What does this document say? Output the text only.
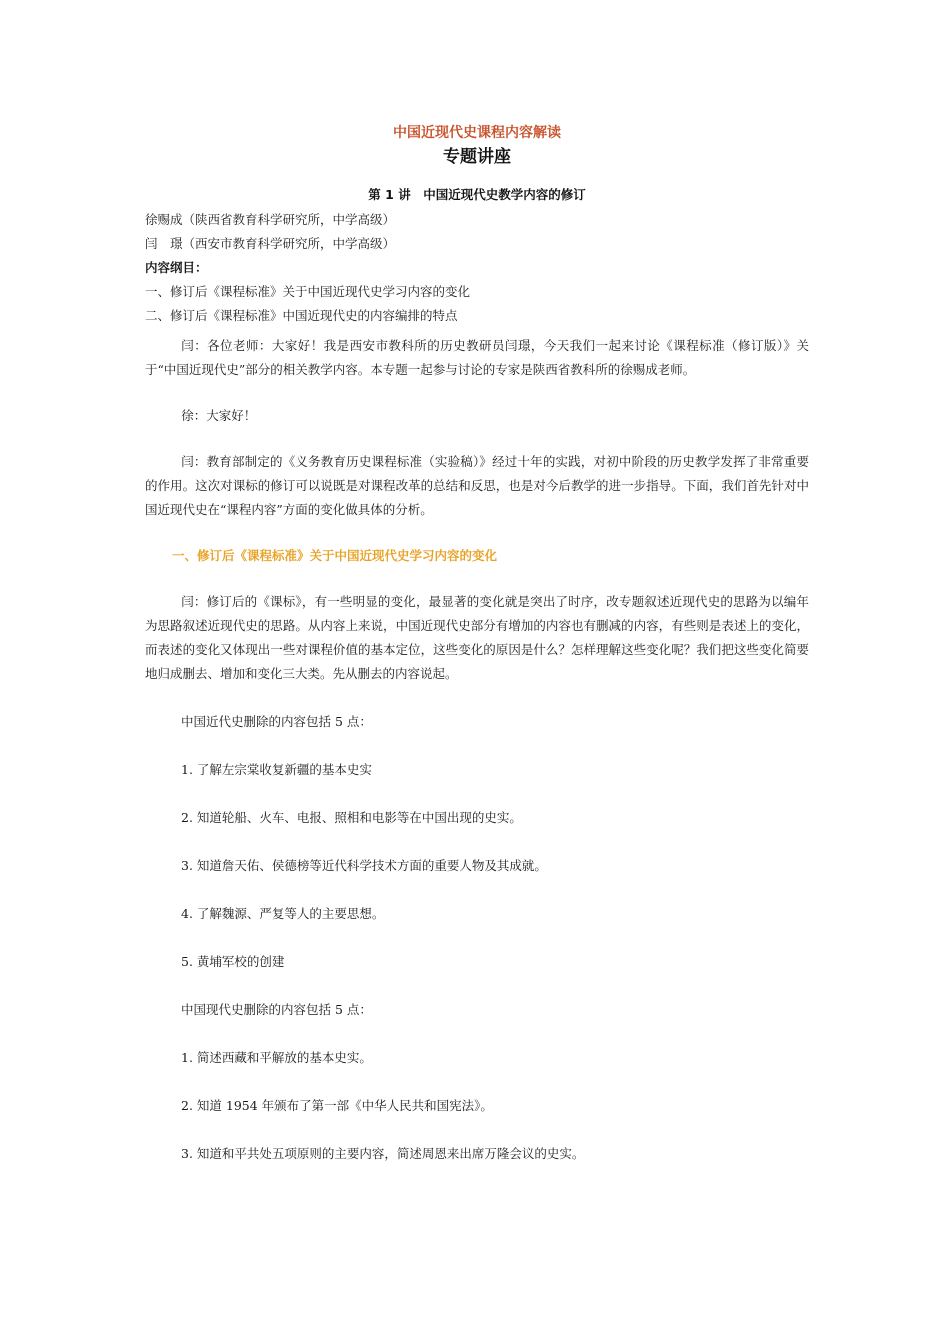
中国近现代史课程内容解读

专题讲座

第 1 讲　中国近现代史教学内容的修订

徐赐成（陕西省教育科学研究所，中学高级）

闫　璟（西安市教育科学研究所，中学高级）

内容纲目：

一、修订后《课程标准》关于中国近现代史学习内容的变化

二、修订后《课程标准》中国近现代史的内容编排的特点

闫：各位老师：大家好！我是西安市教科所的历史教研员闫璟，今天我们一起来讨论《课程标准（修订版）》关于“中国近现代史”部分的相关教学内容。本专题一起参与讨论的专家是陕西省教科所的徐赐成老师。

徐：大家好！

闫：教育部制定的《义务教育历史课程标准（实验稿）》经过十年的实践，对初中阶段的历史教学发挥了非常重要的作用。这次对课标的修订可以说既是对课程改革的总结和反思，也是对今后教学的进一步指导。下面，我们首先针对中国近现代史在“课程内容”方面的变化做具体的分析。

一、修订后《课程标准》关于中国近现代史学习内容的变化

闫：修订后的《课标》，有一些明显的变化，最显著的变化就是突出了时序，改专题叙述近现代史的思路为以编年为思路叙述近现代史的思路。从内容上来说，中国近现代史部分有增加的内容也有删减的内容，有些则是表述上的变化，而表述的变化又体现出一些对课程价值的基本定位，这些变化的原因是什么？怎样理解这些变化呢？我们把这些变化简要地归成删去、增加和变化三大类。先从删去的内容说起。

中国近代史删除的内容包括 5 点：

1. 了解左宗棠收复新疆的基本史实

2. 知道轮船、火车、电报、照相和电影等在中国出现的史实。

3. 知道詹天佑、侯德榜等近代科学技术方面的重要人物及其成就。

4. 了解魏源、严复等人的主要思想。

5. 黄埔军校的创建

中国现代史删除的内容包括 5 点：

1. 简述西藏和平解放的基本史实。

2. 知道 1954 年颁布了第一部《中华人民共和国宪法》。

3. 知道和平共处五项原则的主要内容，简述周恩来出席万隆会议的史实。
